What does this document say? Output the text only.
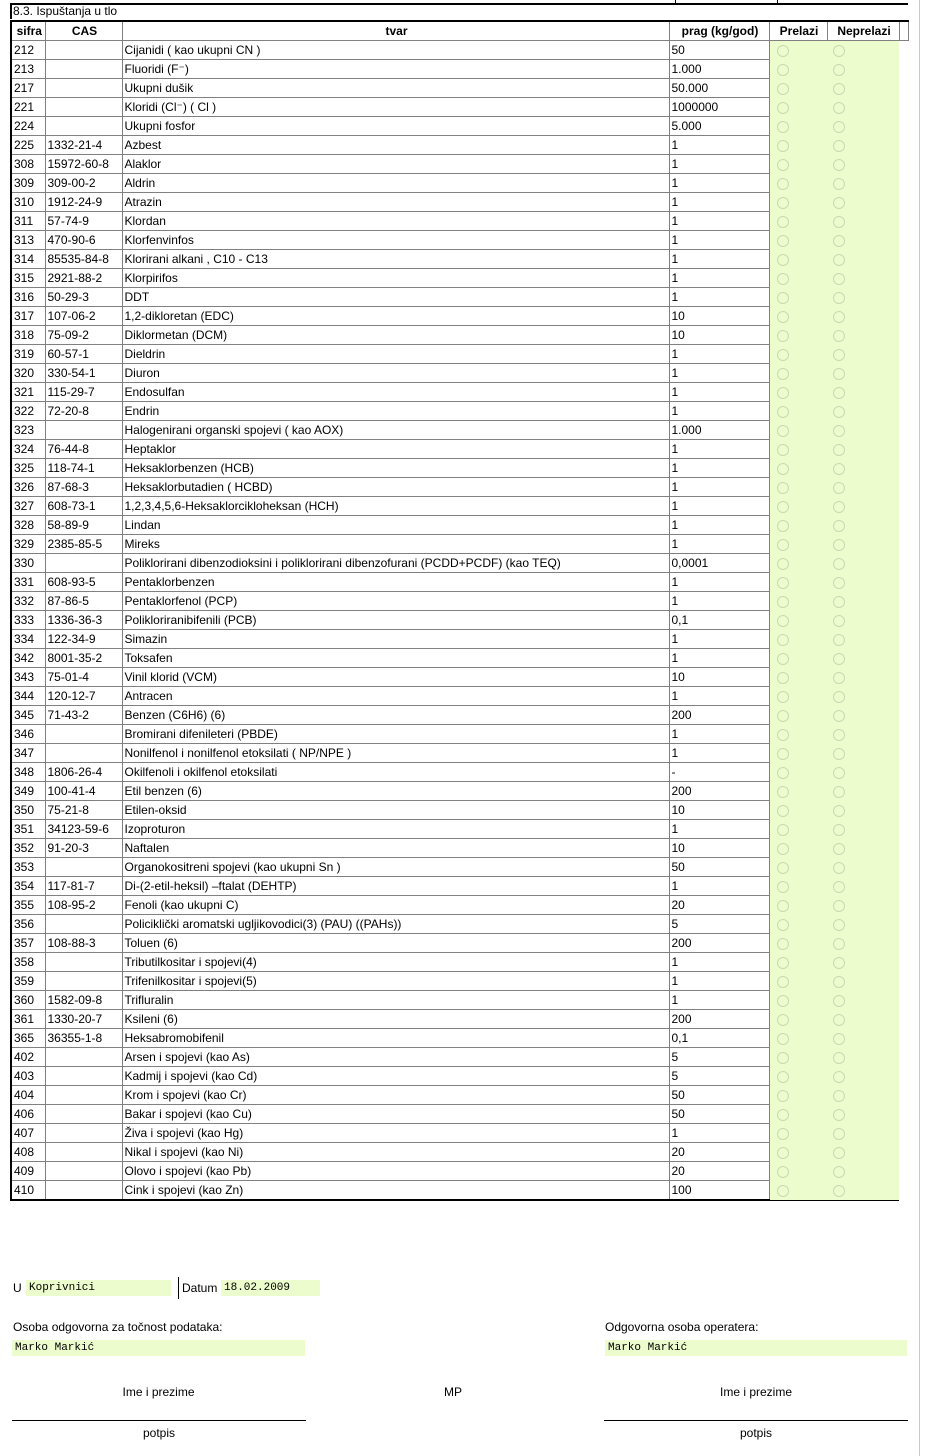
8.3. Ispuštanja u tlo
sifra	CAS	tvar	prag (kg/god)	Prelazi	Neprelazi	
212		Cijanidi ( kao ukupni CN )	50			
213		Fluoridi (F⁻)	1.000			
217		Ukupni dušik	50.000			
221		Kloridi (Cl⁻) ( Cl )	1000000			
224		Ukupni fosfor	5.000			
225	1332-21-4	Azbest	1			
308	15972-60-8	Alaklor	1			
309	309-00-2	Aldrin	1			
310	1912-24-9	Atrazin	1			
311	57-74-9	Klordan	1			
313	470-90-6	Klorfenvinfos	1			
314	85535-84-8	Klorirani alkani , C10 - C13	1			
315	2921-88-2	Klorpirifos	1			
316	50-29-3	DDT	1			
317	107-06-2	1,2-dikloretan (EDC)	10			
318	75-09-2	Diklormetan (DCM)	10			
319	60-57-1	Dieldrin	1			
320	330-54-1	Diuron	1			
321	115-29-7	Endosulfan	1			
322	72-20-8	Endrin	1			
323		Halogenirani organski spojevi ( kao AOX)	1.000			
324	76-44-8	Heptaklor	1			
325	118-74-1	Heksaklorbenzen (HCB)	1			
326	87-68-3	Heksaklorbutadien ( HCBD)	1			
327	608-73-1	1,2,3,4,5,6-Heksaklorcikloheksan (HCH)	1			
328	58-89-9	Lindan	1			
329	2385-85-5	Mireks	1			
330		Poliklorirani dibenzodioksini i poliklorirani dibenzofurani (PCDD+PCDF) (kao TEQ)	0,0001			
331	608-93-5	Pentaklorbenzen	1			
332	87-86-5	Pentaklorfenol (PCP)	1			
333	1336-36-3	Polikloriranibifenili (PCB)	0,1			
334	122-34-9	Simazin	1			
342	8001-35-2	Toksafen	1			
343	75-01-4	Vinil klorid (VCM)	10			
344	120-12-7	Antracen	1			
345	71-43-2	Benzen (C6H6) (6)	200			
346		Bromirani difenileteri (PBDE)	1			
347		Nonilfenol i nonilfenol etoksilati ( NP/NPE )	1			
348	1806-26-4	Okilfenoli i okilfenol etoksilati	-			
349	100-41-4	Etil benzen (6)	200			
350	75-21-8	Etilen-oksid	10			
351	34123-59-6	Izoproturon	1			
352	91-20-3	Naftalen	10			
353		Organokositreni spojevi (kao ukupni Sn )	50			
354	117-81-7	Di-(2-etil-heksil) –ftalat (DEHTP)	1			
355	108-95-2	Fenoli (kao ukupni C)	20			
356		Policiklički aromatski ugljikovodici(3) (PAU) ((PAHs))	5			
357	108-88-3	Toluen (6)	200			
358		Tributilkositar i spojevi(4)	1			
359		Trifenilkositar i spojevi(5)	1			
360	1582-09-8	Trifluralin	1			
361	1330-20-7	Ksileni (6)	200			
365	36355-1-8	Heksabromobifenil	0,1			
402		Arsen i spojevi (kao As)	5			
403		Kadmij i spojevi (kao Cd)	5			
404		Krom i spojevi (kao Cr)	50			
406		Bakar i spojevi (kao Cu)	50			
407		Živa i spojevi (kao Hg)	1			
408		Nikal i spojevi (kao Ni)	20			
409		Olovo i spojevi (kao Pb)	20			
410		Cink i spojevi (kao Zn)	100			
U Koprivnici	Datum 18.02.2009
Osoba odgovorna za točnost podataka:
Marko Markić
Odgovorna osoba operatera:
Marko Markić
Ime i prezime	MP	Ime i prezime
potpis	potpis
